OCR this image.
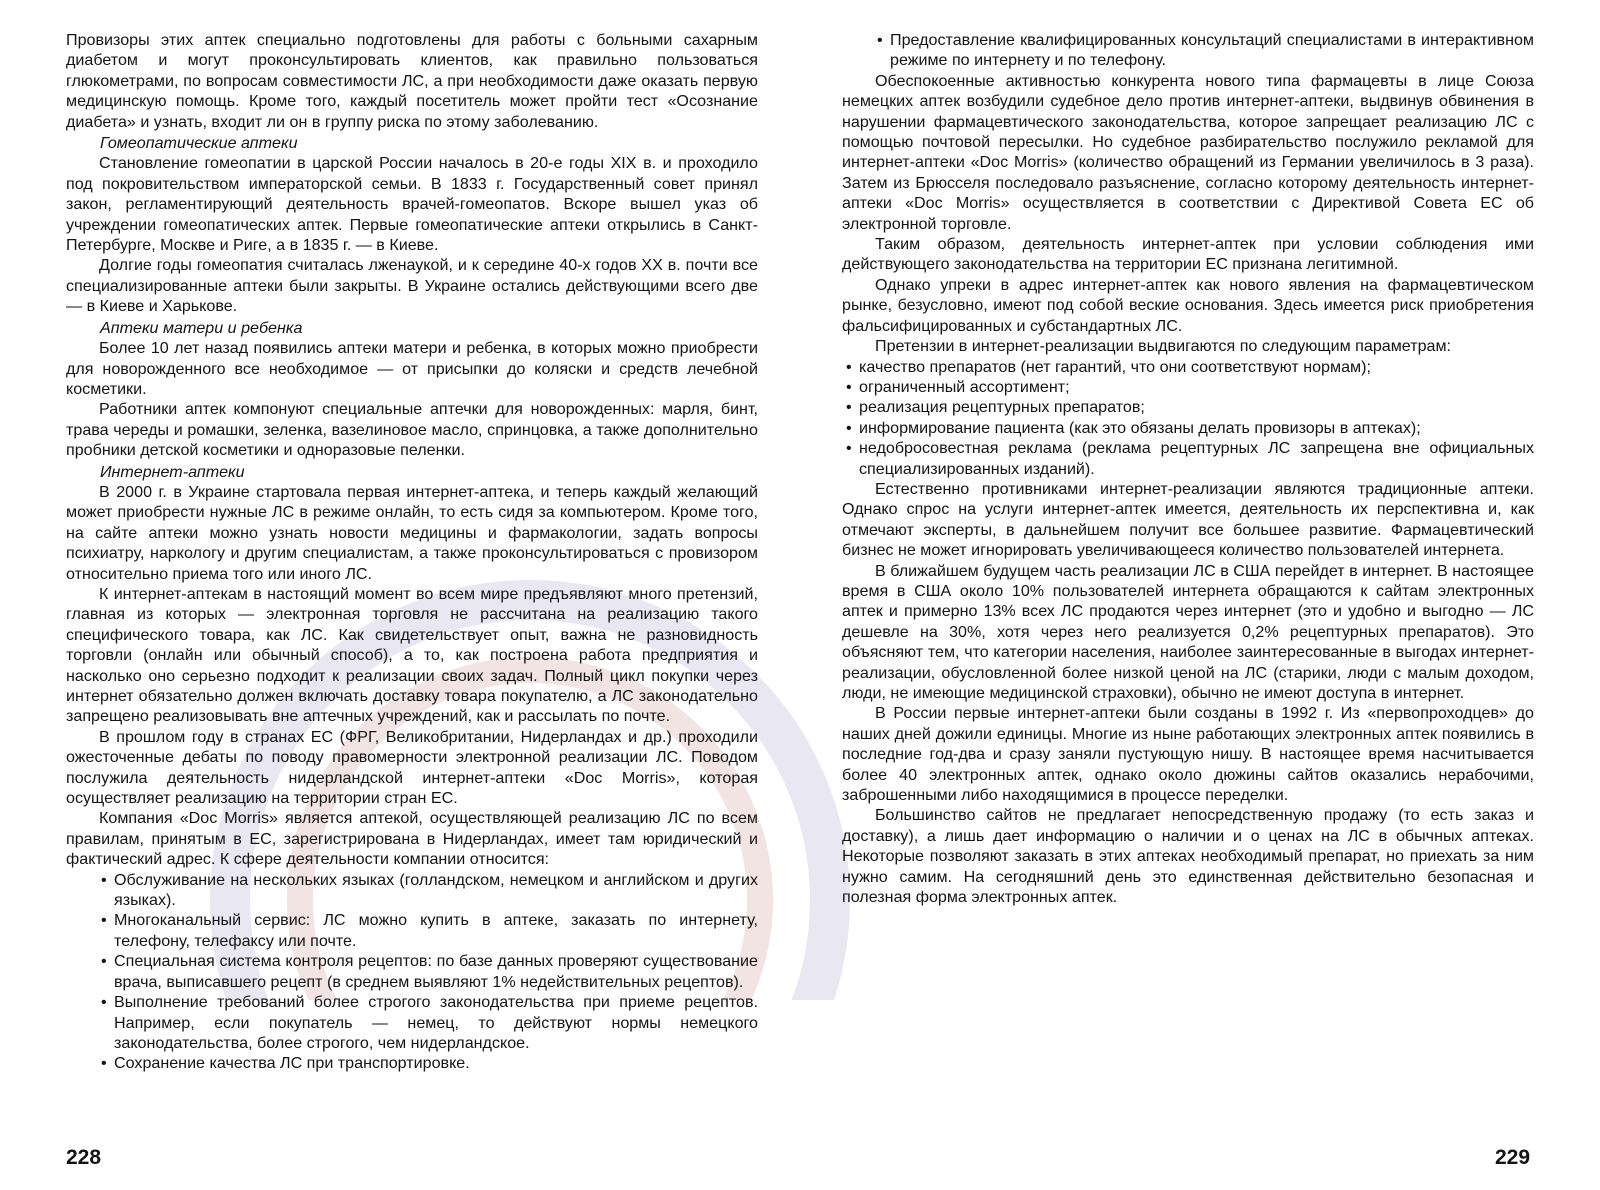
Провизоры этих аптек специально подготовлены для работы с больными сахарным диабетом и могут проконсультировать клиентов, как правильно пользоваться глюкометрами, по вопросам совместимости ЛС, а при необходимости даже оказать первую медицинскую помощь. Кроме того, каждый посетитель может пройти тест «Осознание диабета» и узнать, входит ли он в группу риска по этому заболеванию.

Гомеопатические аптеки

Становление гомеопатии в царской России началось в 20-е годы XIX в. и проходило под покровительством императорской семьи. В 1833 г. Государственный совет принял закон, регламентирующий деятельность врачей-гомеопатов. Вскоре вышел указ об учреждении гомеопатических аптек. Первые гомеопатические аптеки открылись в Санкт-Петербурге, Москве и Риге, а в 1835 г. — в Киеве.

Долгие годы гомеопатия считалась лженаукой, и к середине 40-х годов XX в. почти все специализированные аптеки были закрыты. В Украине остались действующими всего две — в Киеве и Харькове.

Аптеки матери и ребенка

Более 10 лет назад появились аптеки матери и ребенка, в которых можно приобрести для новорожденного все необходимое — от присыпки до коляски и средств лечебной косметики.

Работники аптек компонуют специальные аптечки для новорожденных: марля, бинт, трава череды и ромашки, зеленка, вазелиновое масло, спринцовка, а также дополнительно пробники детской косметики и одноразовые пеленки.

Интернет-аптеки

В 2000 г. в Украине стартовала первая интернет-аптека, и теперь каждый желающий может приобрести нужные ЛС в режиме онлайн, то есть сидя за компьютером. Кроме того, на сайте аптеки можно узнать новости медицины и фармакологии, задать вопросы психиатру, наркологу и другим специалистам, а также проконсультироваться с провизором относительно приема того или иного ЛС.

К интернет-аптекам в настоящий момент во всем мире предъявляют много претензий, главная из которых — электронная торговля не рассчитана на реализацию такого специфического товара, как ЛС. Как свидетельствует опыт, важна не разновидность торговли (онлайн или обычный способ), а то, как построена работа предприятия и насколько оно серьезно подходит к реализации своих задач. Полный цикл покупки через интернет обязательно должен включать доставку товара покупателю, а ЛС законодательно запрещено реализовывать вне аптечных учреждений, как и рассылать по почте.

В прошлом году в странах ЕС (ФРГ, Великобритании, Нидерландах и др.) проходили ожесточенные дебаты по поводу правомерности электронной реализации ЛС. Поводом послужила деятельность нидерландской интернет-аптеки «Doc Morris», которая осуществляет реализацию на территории стран ЕС.

Компания «Doc Morris» является аптекой, осуществляющей реализацию ЛС по всем правилам, принятым в ЕС, зарегистрирована в Нидерландах, имеет там юридический и фактический адрес. К сфере деятельности компании относится:

• Обслуживание на нескольких языках (голландском, немецком и английском и других языках).
• Многоканальный сервис: ЛС можно купить в аптеке, заказать по интернету, телефону, телефаксу или почте.
• Специальная система контроля рецептов: по базе данных проверяют существование врача, выписавшего рецепт (в среднем выявляют 1% недействительных рецептов).
• Выполнение требований более строгого законодательства при приеме рецептов. Например, если покупатель — немец, то действуют нормы немецкого законодательства, более строгого, чем нидерландское.
• Сохранение качества ЛС при транспортировке.
• Предоставление квалифицированных консультаций специалистами в интерактивном режиме по интернету и по телефону.

Обеспокоенные активностью конкурента нового типа фармацевты в лице Союза немецких аптек возбудили судебное дело против интернет-аптеки, выдвинув обвинения в нарушении фармацевтического законодательства, которое запрещает реализацию ЛС с помощью почтовой пересылки. Но судебное разбирательство послужило рекламой для интернет-аптеки «Doc Morris» (количество обращений из Германии увеличилось в 3 раза). Затем из Брюсселя последовало разъяснение, согласно которому деятельность интернет-аптеки «Doc Morris» осуществляется в соответствии с Директивой Совета ЕС об электронной торговле.

Таким образом, деятельность интернет-аптек при условии соблюдения ими действующего законодательства на территории ЕС признана легитимной.

Однако упреки в адрес интернет-аптек как нового явления на фармацевтическом рынке, безусловно, имеют под собой веские основания. Здесь имеется риск приобретения фальсифицированных и субстандартных ЛС.

Претензии в интернет-реализации выдвигаются по следующим параметрам:

• качество препаратов (нет гарантий, что они соответствуют нормам);
• ограниченный ассортимент;
• реализация рецептурных препаратов;
• информирование пациента (как это обязаны делать провизоры в аптеках);
• недобросовестная реклама (реклама рецептурных ЛС запрещена вне официальных специализированных изданий).

Естественно противниками интернет-реализации являются традиционные аптеки. Однако спрос на услуги интернет-аптек имеется, деятельность их перспективна и, как отмечают эксперты, в дальнейшем получит все большее развитие. Фармацевтический бизнес не может игнорировать увеличивающееся количество пользователей интернета.

В ближайшем будущем часть реализации ЛС в США перейдет в интернет. В настоящее время в США около 10% пользователей интернета обращаются к сайтам электронных аптек и примерно 13% всех ЛС продаются через интернет (это и удобно и выгодно — ЛС дешевле на 30%, хотя через него реализуется 0,2% рецептурных препаратов). Это объясняют тем, что категории населения, наиболее заинтересованные в выгодах интернет-реализации, обусловленной более низкой ценой на ЛС (старики, люди с малым доходом, люди, не имеющие медицинской страховки), обычно не имеют доступа в интернет.

В России первые интернет-аптеки были созданы в 1992 г. Из «первопроходцев» до наших дней дожили единицы. Многие из ныне работающих электронных аптек появились в последние год-два и сразу заняли пустующую нишу. В настоящее время насчитывается более 40 электронных аптек, однако около дюжины сайтов оказались нерабочими, заброшенными либо находящимися в процессе переделки.

Большинство сайтов не предлагает непосредственную продажу (то есть заказ и доставку), а лишь дает информацию о наличии и о ценах на ЛС в обычных аптеках. Некоторые позволяют заказать в этих аптеках необходимый препарат, но приехать за ним нужно самим. На сегодняшний день это единственная действительно безопасная и полезная форма электронных аптек.

228	229
